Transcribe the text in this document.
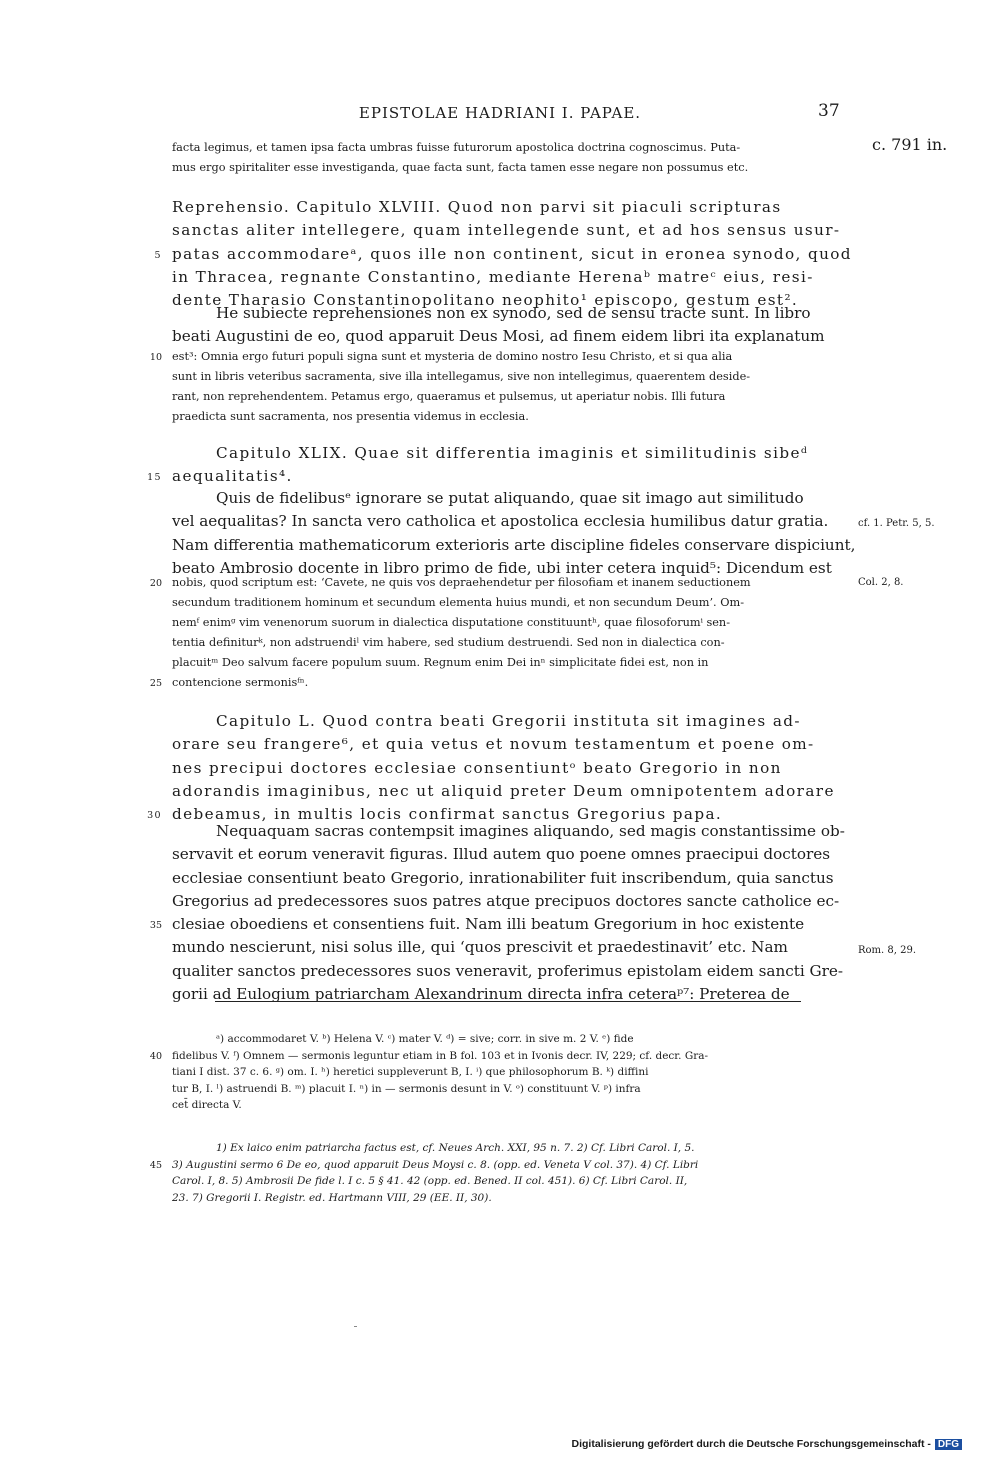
EPISTOLAE HADRIANI I. PAPAE.	37
facta legimus, et tamen ipsa facta umbras fuisse futurorum apostolica doctrina cognoscimus. Puta-	c. 791 in.
mus ergo spiritaliter esse investiganda, quae facta sunt, facta tamen esse negare non possumus etc.
Reprehensio. Capitulo XLVIII. Quod non parvi sit piaculi scripturas
sanctas aliter intellegere, quam intellegende sunt, et ad hos sensus usur-
5 patas accommodareᵃ, quos ille non continent, sicut in eronea synodo, quod
in Thracea, regnante Constantino, mediante Herenaᵇ matreᶜ eius, resi-
dente Tharasio Constantinopolitano neophito¹ episcopo, gestum est².
He subiecte reprehensiones non ex synodo, sed de sensu tracte sunt. In libro
beati Augustini de eo, quod apparuit Deus Mosi, ad finem eidem libri ita explanatum
10 est³: Omnia ergo futuri populi signa sunt et mysteria de domino nostro Iesu Christo, et si qua alia
sunt in libris veteribus sacramenta, sive illa intellegamus, sive non intellegimus, quaerentem deside-
rant, non reprehendentem. Petamus ergo, quaeramus et pulsemus, ut aperiatur nobis. Illi futura
praedicta sunt sacramenta, nos presentia videmus in ecclesia.
Capitulo XLIX. Quae sit differentia imaginis et similitudinis sibeᵈ
15 aequalitatis⁴.
Quis de fidelibusᵉ ignorare se putat aliquando, quae sit imago aut similitudo
vel aequalitas? In sancta vero catholica et apostolica ecclesia humilibus datur gratia.	cf. 1. Petr. 5, 5.
Nam differentia mathematicorum exterioris arte discipline fideles conservare dispiciunt,
beato Ambrosio docente in libro primo de fide, ubi inter cetera inquid⁵: Dicendum est
20 nobis, quod scriptum est: ‘Cavete, ne quis vos depraehendetur per filosofiam et inanem seductionem	Col. 2, 8.
secundum traditionem hominum et secundum elementa huius mundi, et non secundum Deum’. Om-
nemᶠ enimᵍ vim venenorum suorum in dialectica disputatione constituuntʰ, quae filosoforumⁱ sen-
tentia definiturᵏ, non adstruendiˡ vim habere, sed studium destruendi. Sed non in dialectica con-
placuitᵐ Deo salvum facere populum suum. Regnum enim Dei inⁿ simplicitate fidei est, non in
25 contencione sermonisᶠⁿ.
Capitulo L. Quod contra beati Gregorii instituta sit imagines ad-
orare seu frangere⁶, et quia vetus et novum testamentum et poene om-
nes precipui doctores ecclesiae consentiuntᵒ beato Gregorio in non
adorandis imaginibus, nec ut aliquid preter Deum omnipotentem adorare
30 debeamus, in multis locis confirmat sanctus Gregorius papa.
Nequaquam sacras contempsit imagines aliquando, sed magis constantissime ob-
servavit et eorum veneravit figuras. Illud autem quo poene omnes praecipui doctores
ecclesiae consentiunt beato Gregorio, inrationabiliter fuit inscribendum, quia sanctus
Gregorius ad predecessores suos patres atque precipuos doctores sancte catholice ec-
35 clesiae oboediens et consentiens fuit. Nam illi beatum Gregorium in hoc existente
mundo nescierunt, nisi solus ille, qui ‘quos prescivit et praedestinavit’ etc. Nam	Rom. 8, 29.
qualiter sanctos predecessores suos veneravit, proferimus epistolam eidem sancti Gre-
gorii ad Eulogium patriarcham Alexandrinum directa infra ceteraᵖ⁷: Preterea de
ᵃ) accommodaret V. ᵇ) Helena V. ᶜ) mater V. ᵈ) = sive; corr. in sive m. 2 V. ᵉ) fide
40 fidelibus V. ᶠ) Omnem — sermonis leguntur etiam in B fol. 103 et in Ivonis decr. IV, 229; cf. decr. Gra-
tiani I dist. 37 c. 6. ᵍ) om. I. ʰ) heretici suppleverunt B, I. ⁱ) que philosophorum B. ᵏ) diffini
tur B, I. ˡ) astruendi B. ᵐ) placuit I. ⁿ) in — sermonis desunt in V. ᵒ) constituunt V. ᵖ) infra
cet̄ directa V.
1) Ex laico enim patriarcha factus est, cf. Neues Arch. XXI, 95 n. 7. 2) Cf. Libri Carol. I, 5.
45 3) Augustini sermo 6 De eo, quod apparuit Deus Moysi c. 8. (opp. ed. Veneta V col. 37). 4) Cf. Libri
Carol. I, 8. 5) Ambrosii De fide l. I c. 5 § 41. 42 (opp. ed. Bened. II col. 451). 6) Cf. Libri Carol. II,
23. 7) Gregorii I. Registr. ed. Hartmann VIII, 29 (EE. II, 30).
Digitalisierung gefördert durch die Deutsche Forschungsgemeinschaft - DFG
